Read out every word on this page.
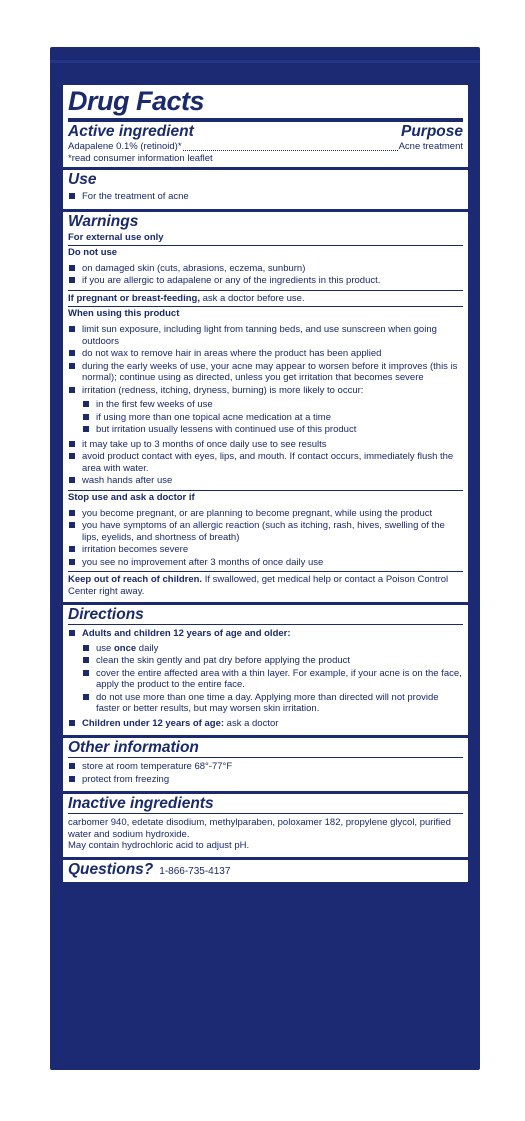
Drug Facts
Active ingredient	Purpose
Adapalene 0.1% (retinoid)*	Acne treatment
*read consumer information leaflet
Use
For the treatment of acne
Warnings
For external use only
Do not use
on damaged skin (cuts, abrasions, eczema, sunburn)
if you are allergic to adapalene or any of the ingredients in this product.
If pregnant or breast-feeding, ask a doctor before use.
When using this product
limit sun exposure, including light from tanning beds, and use sunscreen when going outdoors
do not wax to remove hair in areas where the product has been applied
during the early weeks of use, your acne may appear to worsen before it improves (this is normal); continue using as directed, unless you get irritation that becomes severe
irritation (redness, itching, dryness, burning) is more likely to occur:
in the first few weeks of use
if using more than one topical acne medication at a time
but irritation usually lessens with continued use of this product
it may take up to 3 months of once daily use to see results
avoid product contact with eyes, lips, and mouth. If contact occurs, immediately flush the area with water.
wash hands after use
Stop use and ask a doctor if
you become pregnant, or are planning to become pregnant, while using the product
you have symptoms of an allergic reaction (such as itching, rash, hives, swelling of the lips, eyelids, and shortness of breath)
irritation becomes severe
you see no improvement after 3 months of once daily use
Keep out of reach of children. If swallowed, get medical help or contact a Poison Control Center right away.
Directions
Adults and children 12 years of age and older:
use once daily
clean the skin gently and pat dry before applying the product
cover the entire affected area with a thin layer. For example, if your acne is on the face, apply the product to the entire face.
do not use more than one time a day. Applying more than directed will not provide faster or better results, but may worsen skin irritation.
Children under 12 years of age: ask a doctor
Other information
store at room temperature 68°-77°F
protect from freezing
Inactive ingredients
carbomer 940, edetate disodium, methylparaben, poloxamer 182, propylene glycol, purified water and sodium hydroxide.
May contain hydrochloric acid to adjust pH.
Questions? 1-866-735-4137
